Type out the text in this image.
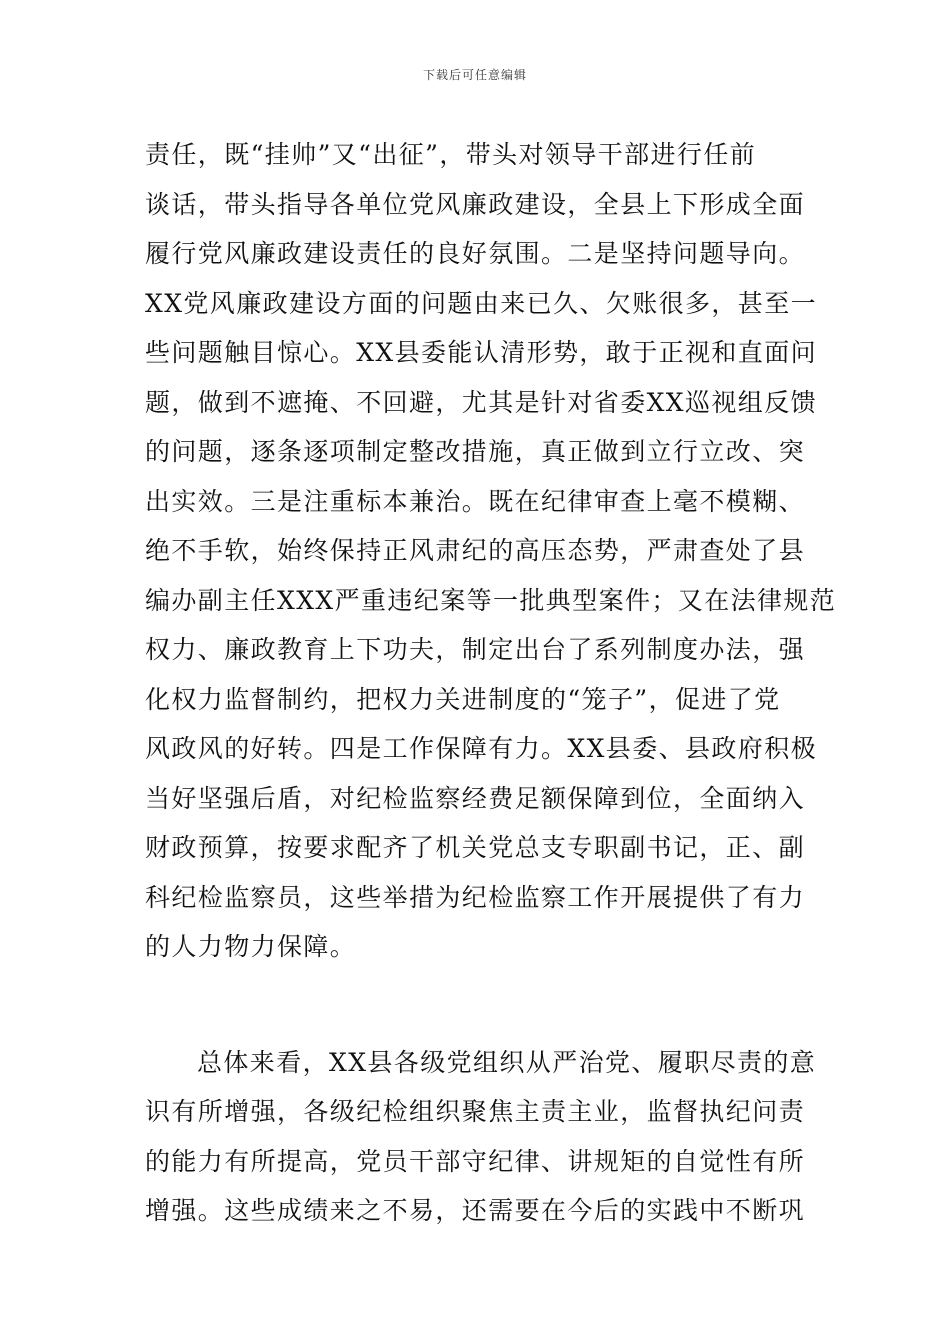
下载后可任意编辑
责任，既“挂帅”又“出征”，带头对领导干部进行任前
谈话，带头指导各单位党风廉政建设，全县上下形成全面
履行党风廉政建设责任的良好氛围。二是坚持问题导向。
XX党风廉政建设方面的问题由来已久、欠账很多，甚至一
些问题触目惊心。XX县委能认清形势，敢于正视和直面问
题，做到不遮掩、不回避，尤其是针对省委XX巡视组反馈
的问题，逐条逐项制定整改措施，真正做到立行立改、突
出实效。三是注重标本兼治。既在纪律审查上毫不模糊、
绝不手软，始终保持正风肃纪的高压态势，严肃查处了县
编办副主任XXX严重违纪案等一批典型案件；又在法律规范
权力、廉政教育上下功夫，制定出台了系列制度办法，强
化权力监督制约，把权力关进制度的“笼子”，促进了党
风政风的好转。四是工作保障有力。XX县委、县政府积极
当好坚强后盾，对纪检监察经费足额保障到位，全面纳入
财政预算，按要求配齐了机关党总支专职副书记，正、副
科纪检监察员，这些举措为纪检监察工作开展提供了有力
的人力物力保障。
总体来看，XX县各级党组织从严治党、履职尽责的意
识有所增强，各级纪检组织聚焦主责主业，监督执纪问责
的能力有所提高，党员干部守纪律、讲规矩的自觉性有所
增强。这些成绩来之不易，还需要在今后的实践中不断巩
